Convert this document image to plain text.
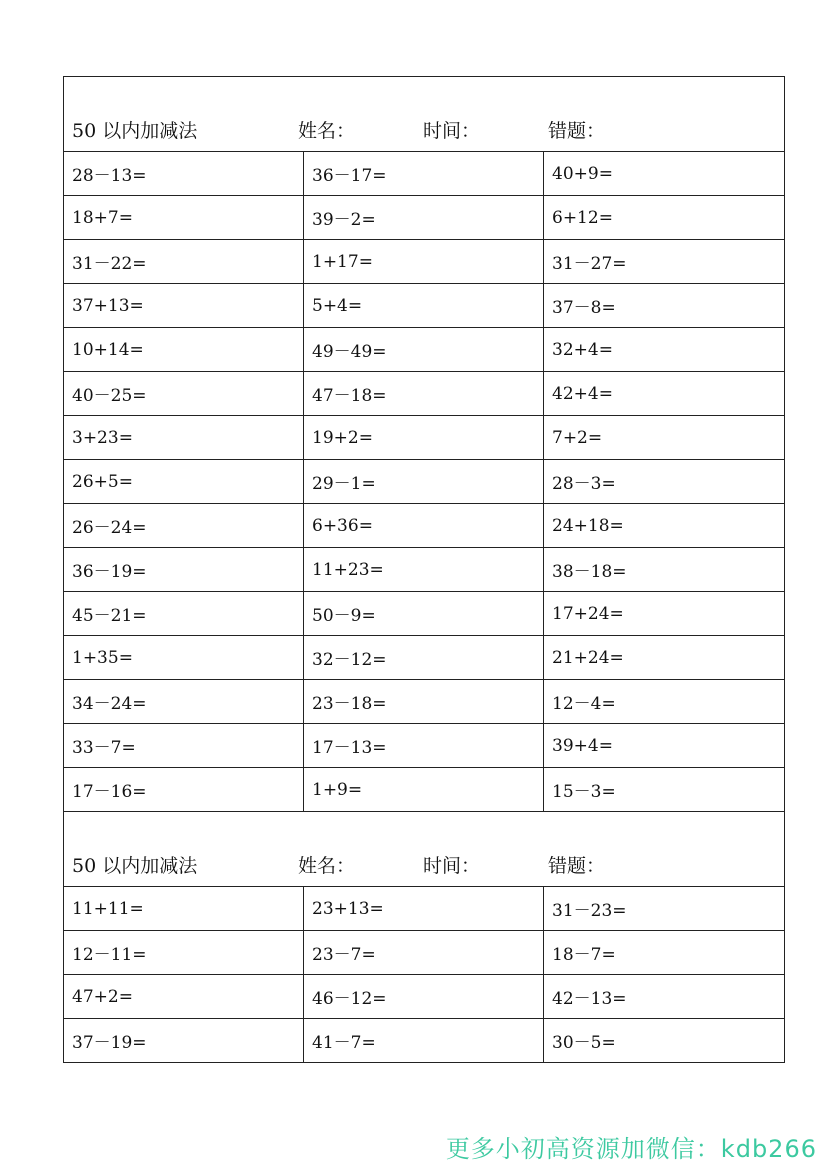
50 以内加减法 姓名： 时间： 错题：		
28－13=	36－17=	40+9=
18+7=	39－2=	6+12=
31－22=	1+17=	31－27=
37+13=	5+4=	37－8=
10+14=	49－49=	32+4=
40－25=	47－18=	42+4=
3+23=	19+2=	7+2=
26+5=	29－1=	28－3=
26－24=	6+36=	24+18=
36－19=	11+23=	38－18=
45－21=	50－9=	17+24=
1+35=	32－12=	21+24=
34－24=	23－18=	12－4=
33－7=	17－13=	39+4=
17－16=	1+9=	15－3=
50 以内加减法 姓名： 时间： 错题：		
11+11=	23+13=	31－23=
12－11=	23－7=	18－7=
47+2=	46－12=	42－13=
37－19=	41－7=	30－5=
更多小初高资源加微信：kdb266
